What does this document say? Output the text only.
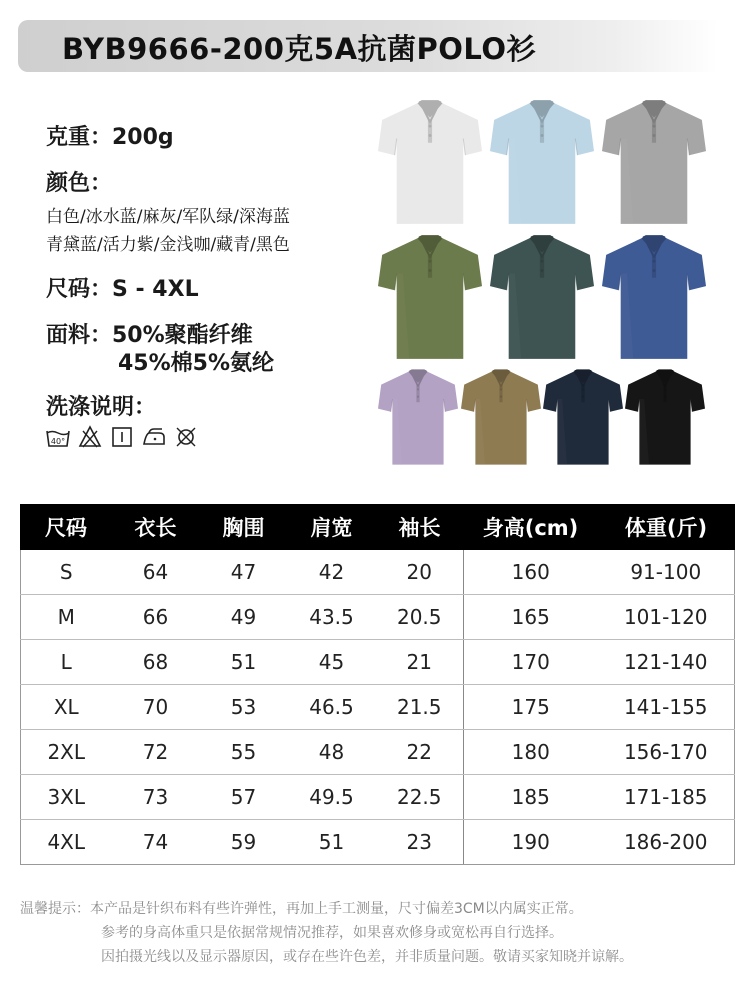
BYB9666-200克5A抗菌POLO衫
克重：200g
颜色：
白色/冰水蓝/麻灰/军队绿/深海蓝
青黛蓝/活力紫/金浅咖/藏青/黑色
尺码：S - 4XL
面料：50%聚酯纤维
45%棉5%氨纶
洗涤说明：
40°
尺码	衣长	胸围	肩宽	袖长	身高(cm)	体重(斤)
S	64	47	42	20	160	91-100
M	66	49	43.5	20.5	165	101-120
L	68	51	45	21	170	121-140
XL	70	53	46.5	21.5	175	141-155
2XL	72	55	48	22	180	156-170
3XL	73	57	49.5	22.5	185	171-185
4XL	74	59	51	23	190	186-200
温馨提示：本产品是针织布料有些许弹性，再加上手工测量，尺寸偏差3CM以内属实正常。
参考的身高体重只是依据常规情况推荐，如果喜欢修身或宽松再自行选择。
因拍摄光线以及显示器原因，或存在些许色差，并非质量问题。敬请买家知晓并谅解。
